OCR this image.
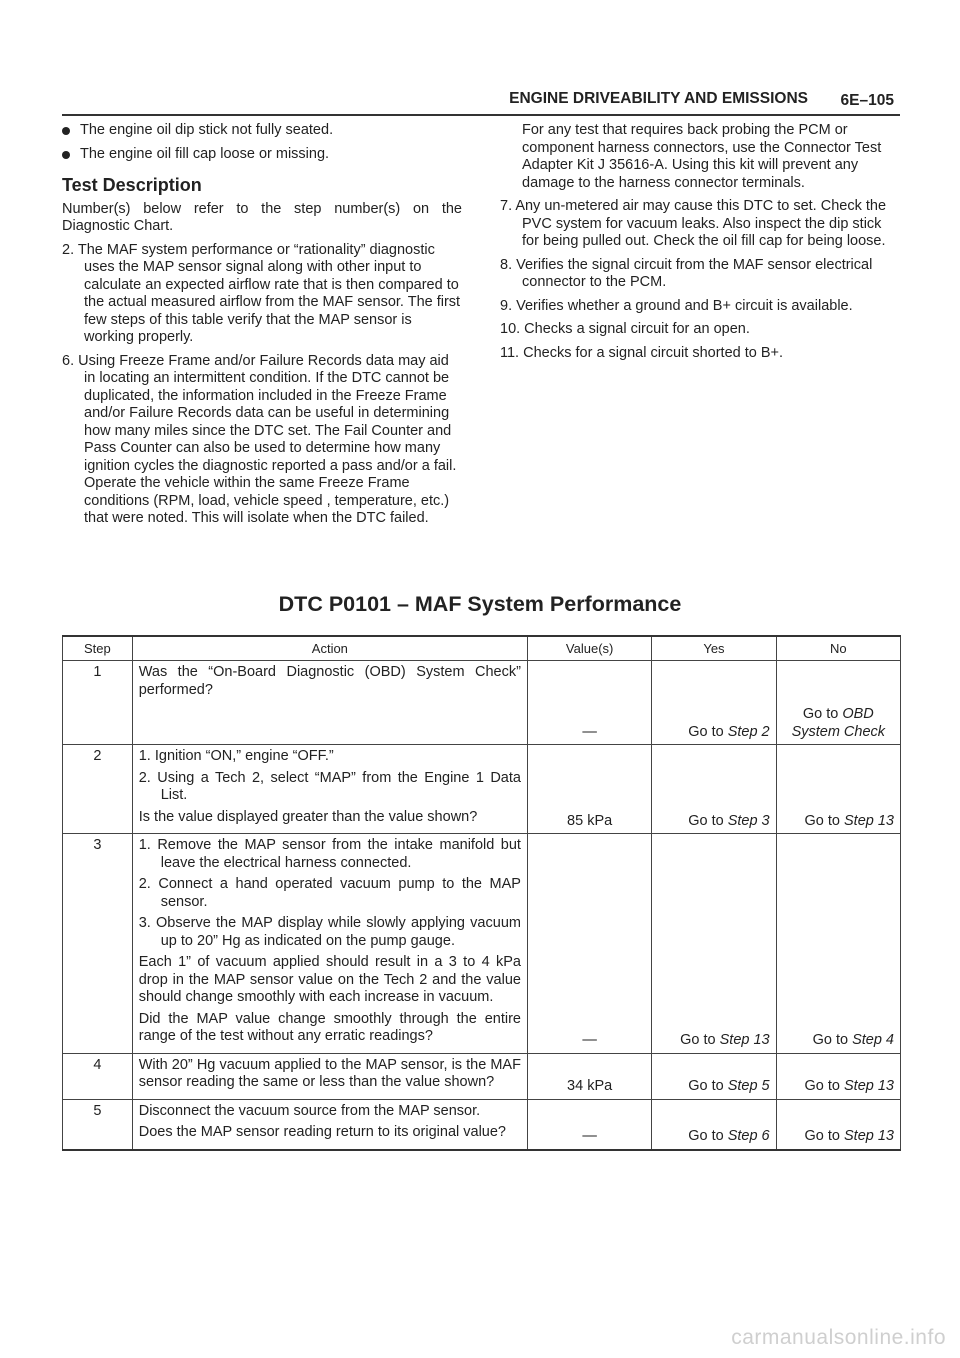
ENGINE DRIVEABILITY AND EMISSIONS 6E–105
The engine oil dip stick not fully seated.
The engine oil fill cap loose or missing.
Test Description
Number(s) below refer to the step number(s) on the Diagnostic Chart.
2. The MAF system performance or “rationality” diagnostic uses the MAP sensor signal along with other input to calculate an expected airflow rate that is then compared to the actual measured airflow from the MAF sensor. The first few steps of this table verify that the MAP sensor is working properly.
6. Using Freeze Frame and/or Failure Records data may aid in locating an intermittent condition. If the DTC cannot be duplicated, the information included in the Freeze Frame and/or Failure Records data can be useful in determining how many miles since the DTC set. The Fail Counter and Pass Counter can also be used to determine how many ignition cycles the diagnostic reported a pass and/or a fail. Operate the vehicle within the same Freeze Frame conditions (RPM, load, vehicle speed , temperature, etc.) that were noted. This will isolate when the DTC failed.
For any test that requires back probing the PCM or component harness connectors, use the Connector Test Adapter Kit J 35616-A. Using this kit will prevent any damage to the harness connector terminals.
7. Any un-metered air may cause this DTC to set. Check the PVC system for vacuum leaks. Also inspect the dip stick for being pulled out. Check the oil fill cap for being loose.
8. Verifies the signal circuit from the MAF sensor electrical connector to the PCM.
9. Verifies whether a ground and B+ circuit is available.
10. Checks a signal circuit for an open.
11. Checks for a signal circuit shorted to B+.
DTC P0101 – MAF System Performance
Step	Action	Value(s)	Yes	No
1	Was the “On-Board Diagnostic (OBD) System Check” performed?	—	Go to Step 2	Go to OBD System Check
2	1. Ignition “ON,” engine “OFF.”
2. Using a Tech 2, select “MAP” from the Engine 1 Data List.
Is the value displayed greater than the value shown?	85 kPa	Go to Step 3	Go to Step 13
3	1. Remove the MAP sensor from the intake manifold but leave the electrical harness connected.
2. Connect a hand operated vacuum pump to the MAP sensor.
3. Observe the MAP display while slowly applying vacuum up to 20” Hg as indicated on the pump gauge.
Each 1” of vacuum applied should result in a 3 to 4 kPa drop in the MAP sensor value on the Tech 2 and the value should change smoothly with each increase in vacuum.
Did the MAP value change smoothly through the entire range of the test without any erratic readings?	—	Go to Step 13	Go to Step 4
4	With 20” Hg vacuum applied to the MAP sensor, is the MAF sensor reading the same or less than the value shown?	34 kPa	Go to Step 5	Go to Step 13
5	Disconnect the vacuum source from the MAP sensor.
Does the MAP sensor reading return to its original value?	—	Go to Step 6	Go to Step 13
carmanualsonline.info
